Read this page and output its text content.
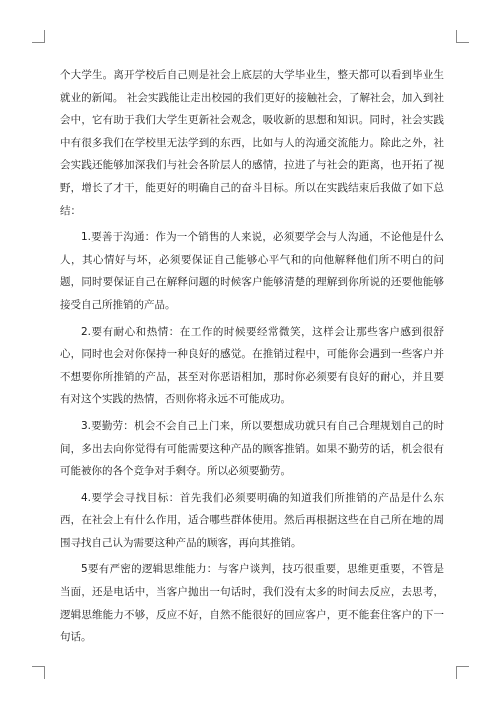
个大学生。离开学校后自己则是社会上底层的大学毕业生，整天都可以看到毕业生就业的新闻。 社会实践能让走出校园的我们更好的接触社会，了解社会，加入到社会中，它有助于我们大学生更新社会观念，吸收新的思想和知识。同时，社会实践中有很多我们在学校里无法学到的东西，比如与人的沟通交流能力。除此之外，社会实践还能够加深我们与社会各阶层人的感情，拉进了与社会的距离，也开拓了视野，增长了才干，能更好的明确自己的奋斗目标。所以在实践结束后我做了如下总结：

1.要善于沟通：作为一个销售的人来说，必须要学会与人沟通，不论他是什么人，其心情好与坏，必须要保证自己能够心平气和的向他解释他们所不明白的问题，同时要保证自己在解释问题的时候客户能够清楚的理解到你所说的还要他能够接受自己所推销的产品。

2.要有耐心和热情：在工作的时候要经常微笑，这样会让那些客户感到很舒心，同时也会对你保持一种良好的感觉。在推销过程中，可能你会遇到一些客户并不想要你所推销的产品，甚至对你恶语相加，那时你必须要有良好的耐心，并且要有对这个实践的热情，否则你将永远不可能成功。

3.要勤劳：机会不会自己上门来，所以要想成功就只有自己合理规划自己的时间，多出去向你觉得有可能需要这种产品的顾客推销。如果不勤劳的话，机会很有可能被你的各个竞争对手剩夺。所以必须要勤劳。

4.要学会寻找目标：首先我们必须要明确的知道我们所推销的产品是什么东西，在社会上有什么作用，适合哪些群体使用。然后再根据这些在自己所在地的周围寻找自己认为需要这种产品的顾客，再向其推销。

5要有严密的逻辑思维能力：与客户谈判，技巧很重要，思维更重要，不管是当面，还是电话中，当客户抛出一句话时，我们没有太多的时间去反应，去思考，逻辑思维能力不够，反应不好，自然不能很好的回应客户，更不能套住客户的下一句话。
